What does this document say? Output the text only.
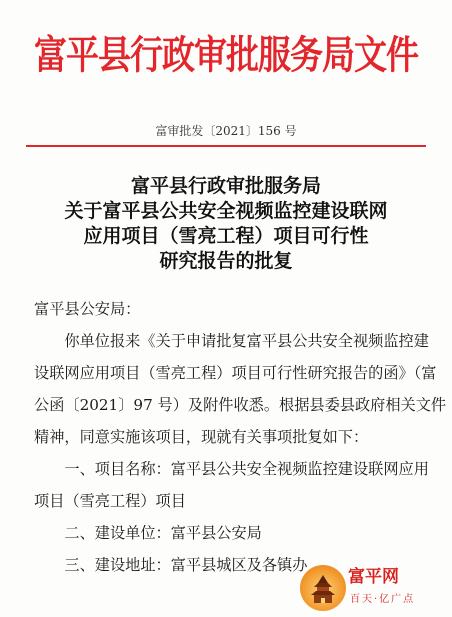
富平县行政审批服务局文件
富审批发〔2021〕156 号
富平县行政审批服务局
关于富平县公共安全视频监控建设联网
应用项目（雪亮工程）项目可行性
研究报告的批复

富平县公安局：

你单位报来《关于申请批复富平县公共安全视频监控建

设联网应用项目（雪亮工程）项目可行性研究报告的函》（富

公函〔2021〕97 号）及附件收悉。根据县委县政府相关文件

精神，同意实施该项目，现就有关事项批复如下：

一、项目名称：富平县公共安全视频监控建设联网应用

项目（雪亮工程）项目

二、建设单位：富平县公安局

三、建设地址：富平县城区及各镇办

富平网
百天·亿广点
